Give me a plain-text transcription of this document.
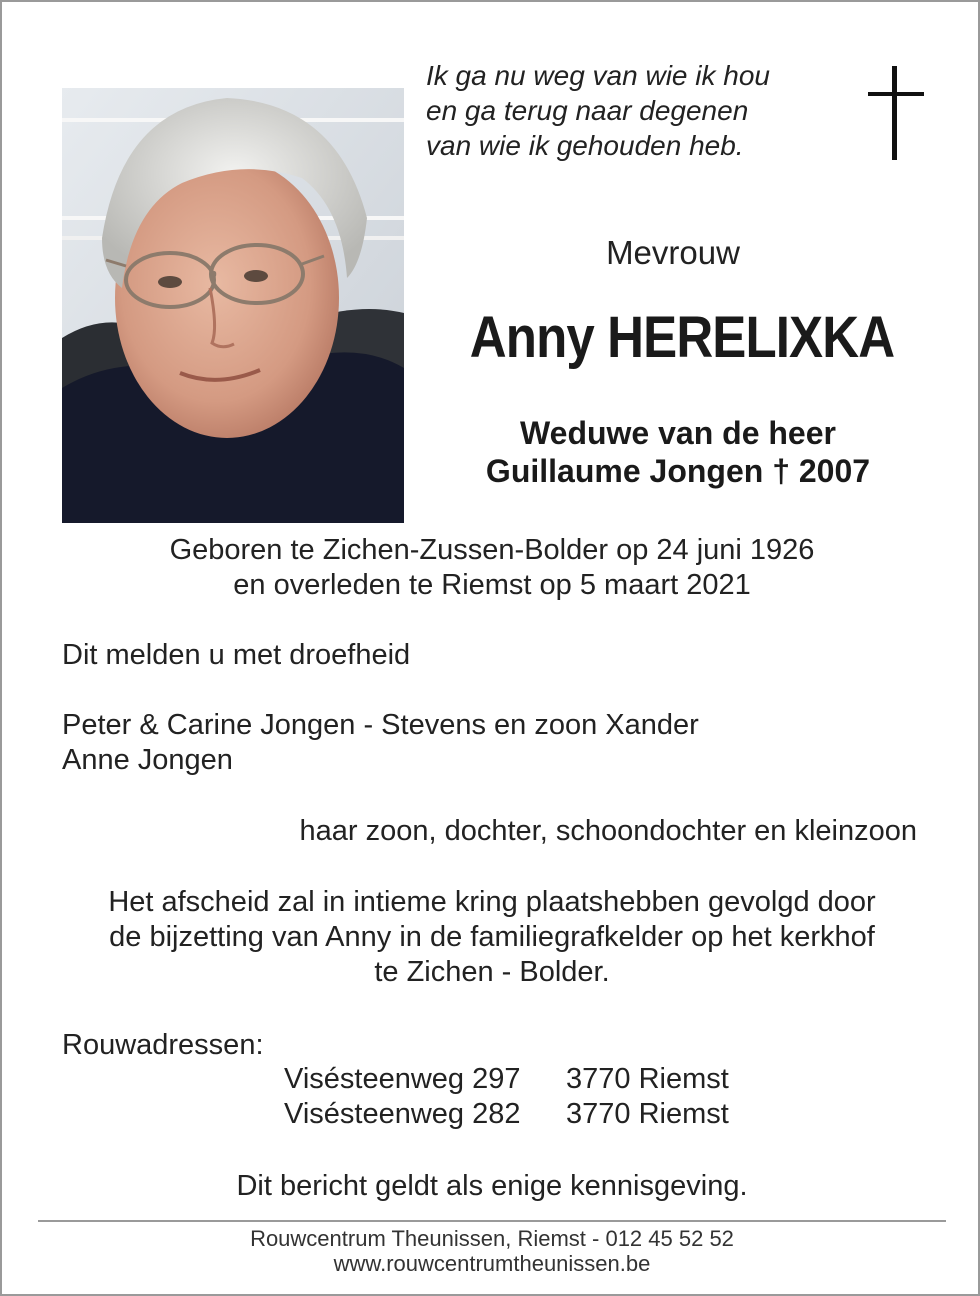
Ik ga nu weg van wie ik hou
en ga terug naar degenen
van wie ik gehouden heb.
Mevrouw
Anny HERELIXKA
Weduwe van de heer
Guillaume Jongen † 2007
Geboren te Zichen-Zussen-Bolder op 24 juni 1926
en overleden te Riemst op 5 maart 2021
Dit melden u met droefheid
Peter & Carine Jongen - Stevens en zoon Xander
Anne Jongen
haar zoon, dochter, schoondochter en kleinzoon
Het afscheid zal in intieme kring plaatshebben gevolgd door
de bijzetting van Anny in de familiegrafkelder op het kerkhof
te Zichen - Bolder.
Rouwadressen:
Visésteenweg 297	3770 Riemst
Visésteenweg 282	3770 Riemst
Dit bericht geldt als enige kennisgeving.
Rouwcentrum Theunissen, Riemst - 012 45 52 52
www.rouwcentrumtheunissen.be
